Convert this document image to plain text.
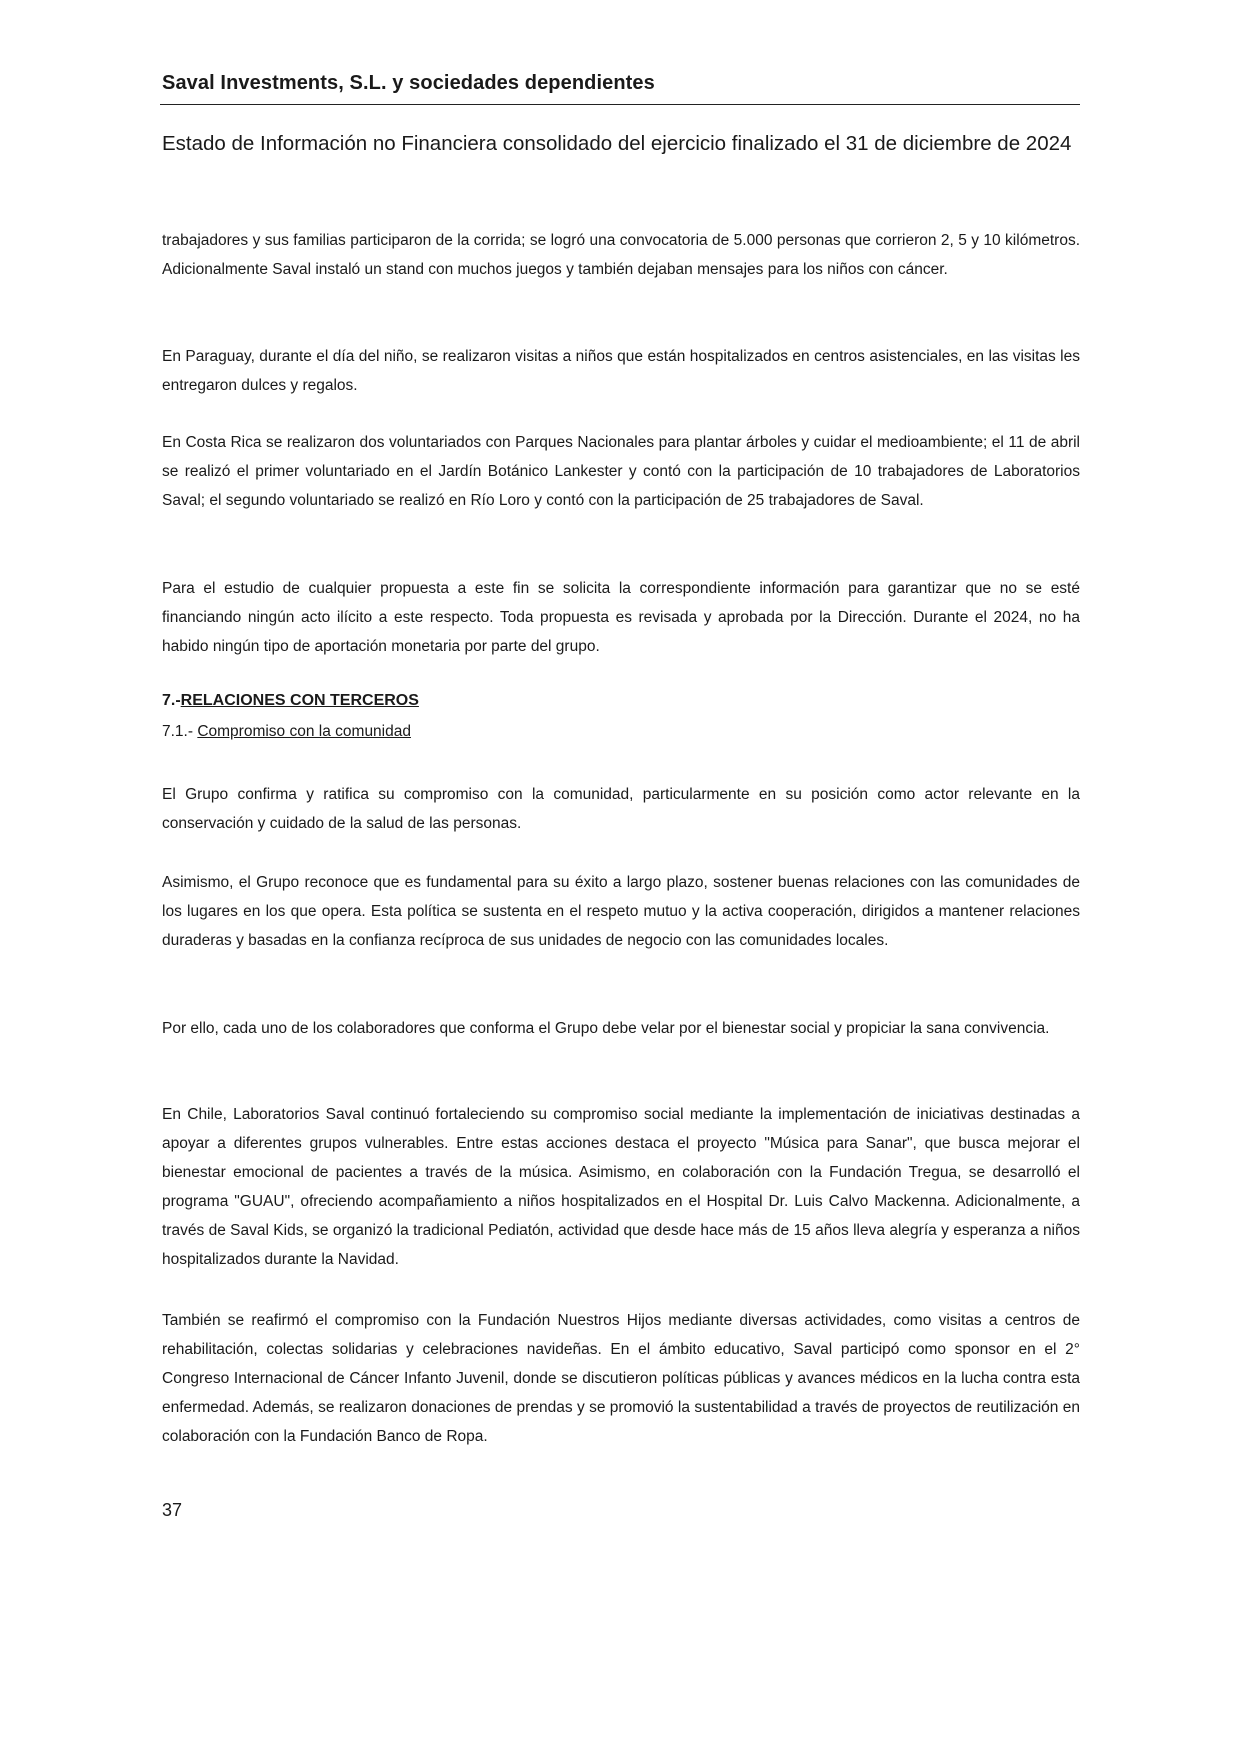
Saval Investments, S.L. y sociedades dependientes
Estado de Información no Financiera consolidado del ejercicio finalizado el 31 de diciembre de 2024
trabajadores y sus familias participaron de la corrida; se logró una convocatoria de 5.000 personas que corrieron 2, 5 y 10 kilómetros. Adicionalmente Saval instaló un stand con muchos juegos y también dejaban mensajes para los niños con cáncer.
En Paraguay, durante el día del niño, se realizaron visitas a niños que están hospitalizados en centros asistenciales, en las visitas les entregaron dulces y regalos.
En Costa Rica se realizaron dos voluntariados con Parques Nacionales para plantar árboles y cuidar el medioambiente; el 11 de abril se realizó el primer voluntariado en el Jardín Botánico Lankester y contó con la participación de 10 trabajadores de Laboratorios Saval; el segundo voluntariado se realizó en Río Loro y contó con la participación de 25 trabajadores de Saval.
Para el estudio de cualquier propuesta a este fin se solicita la correspondiente información para garantizar que no se esté financiando ningún acto ilícito a este respecto. Toda propuesta es revisada y aprobada por la Dirección. Durante el 2024, no ha habido ningún tipo de aportación monetaria por parte del grupo.
7.-RELACIONES CON TERCEROS
7.1.- Compromiso con la comunidad
El Grupo confirma y ratifica su compromiso con la comunidad, particularmente en su posición como actor relevante en la conservación y cuidado de la salud de las personas.
Asimismo, el Grupo reconoce que es fundamental para su éxito a largo plazo, sostener buenas relaciones con las comunidades de los lugares en los que opera. Esta política se sustenta en el respeto mutuo y la activa cooperación, dirigidos a mantener relaciones duraderas y basadas en la confianza recíproca de sus unidades de negocio con las comunidades locales.
Por ello, cada uno de los colaboradores que conforma el Grupo debe velar por el bienestar social y propiciar la sana convivencia.
En Chile, Laboratorios Saval continuó fortaleciendo su compromiso social mediante la implementación de iniciativas destinadas a apoyar a diferentes grupos vulnerables. Entre estas acciones destaca el proyecto "Música para Sanar", que busca mejorar el bienestar emocional de pacientes a través de la música. Asimismo, en colaboración con la Fundación Tregua, se desarrolló el programa "GUAU", ofreciendo acompañamiento a niños hospitalizados en el Hospital Dr. Luis Calvo Mackenna. Adicionalmente, a través de Saval Kids, se organizó la tradicional Pediatón, actividad que desde hace más de 15 años lleva alegría y esperanza a niños hospitalizados durante la Navidad.
También se reafirmó el compromiso con la Fundación Nuestros Hijos mediante diversas actividades, como visitas a centros de rehabilitación, colectas solidarias y celebraciones navideñas. En el ámbito educativo, Saval participó como sponsor en el 2° Congreso Internacional de Cáncer Infanto Juvenil, donde se discutieron políticas públicas y avances médicos en la lucha contra esta enfermedad. Además, se realizaron donaciones de prendas y se promovió la sustentabilidad a través de proyectos de reutilización en colaboración con la Fundación Banco de Ropa.
37
